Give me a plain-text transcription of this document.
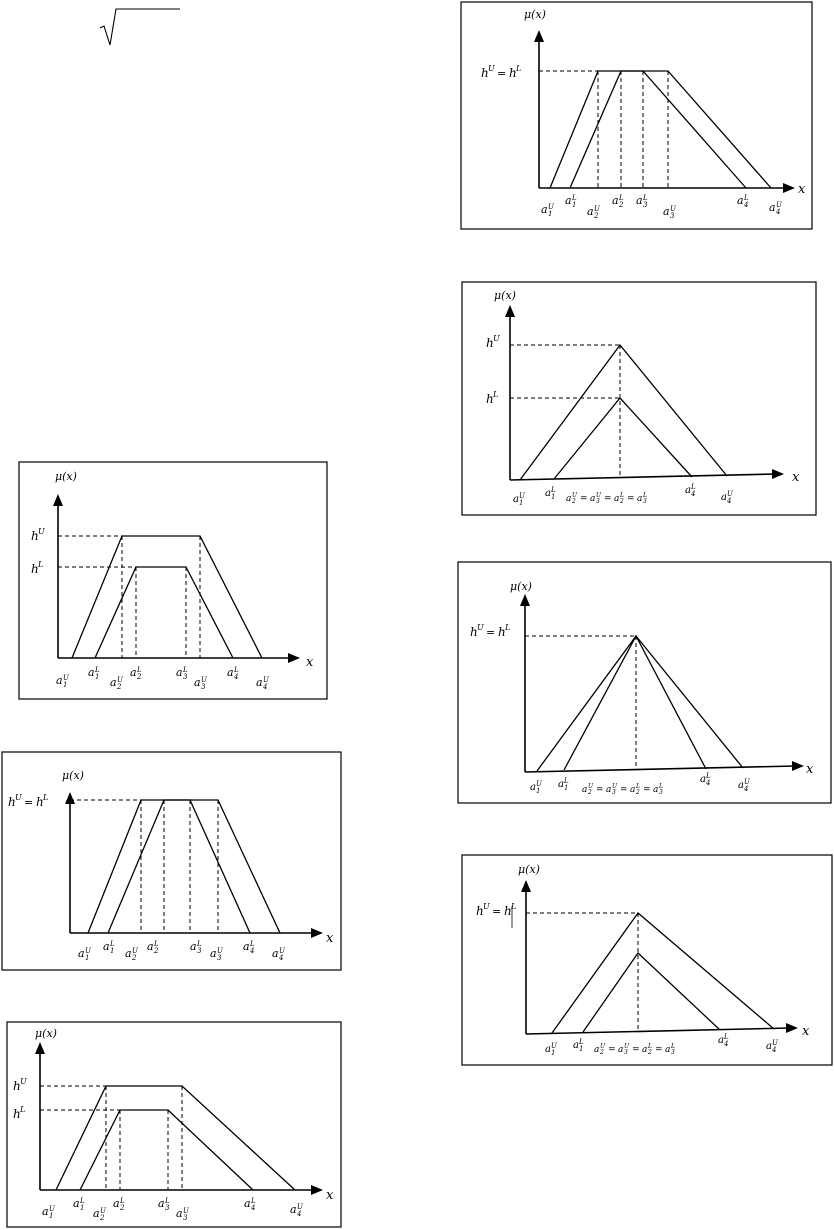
μ(x)
x
h U
h L
a U
1
a L
1 a U
2
a L
2	a L
3 a U
3
a L
4 a U
4
μ(x)
x
h U = h L
a U
1
a L
1 a U
2
a L
2	a L
3 a U
3
a L
4 a U
4
μ(x)
x
h U
h L
a U
1
a L
1 a U
2
a L
2	a L
3 a U
3
a L
4	a U
4
μ(x)
x
h U = h L
a U
1
a L
1 a U
2
a L
2 a L
3 a U
3
a L
4 a U
4
μ(x)
x
h U
h L
a U
1
a L
1 a U
2 = a U
3 = a L
2 = a L
3
a L
4	a U
4
μ(x)
x
h U = h L
a U
1
a L
1 a U
2 = a U
3 = a L
2 = a L
3
a L
4	a U
4
μ(x)
x
h U = h L
a U
1
a L
1 a U
2 = a U
3 = a L
2 = a L
3
a L
4	a U
4
